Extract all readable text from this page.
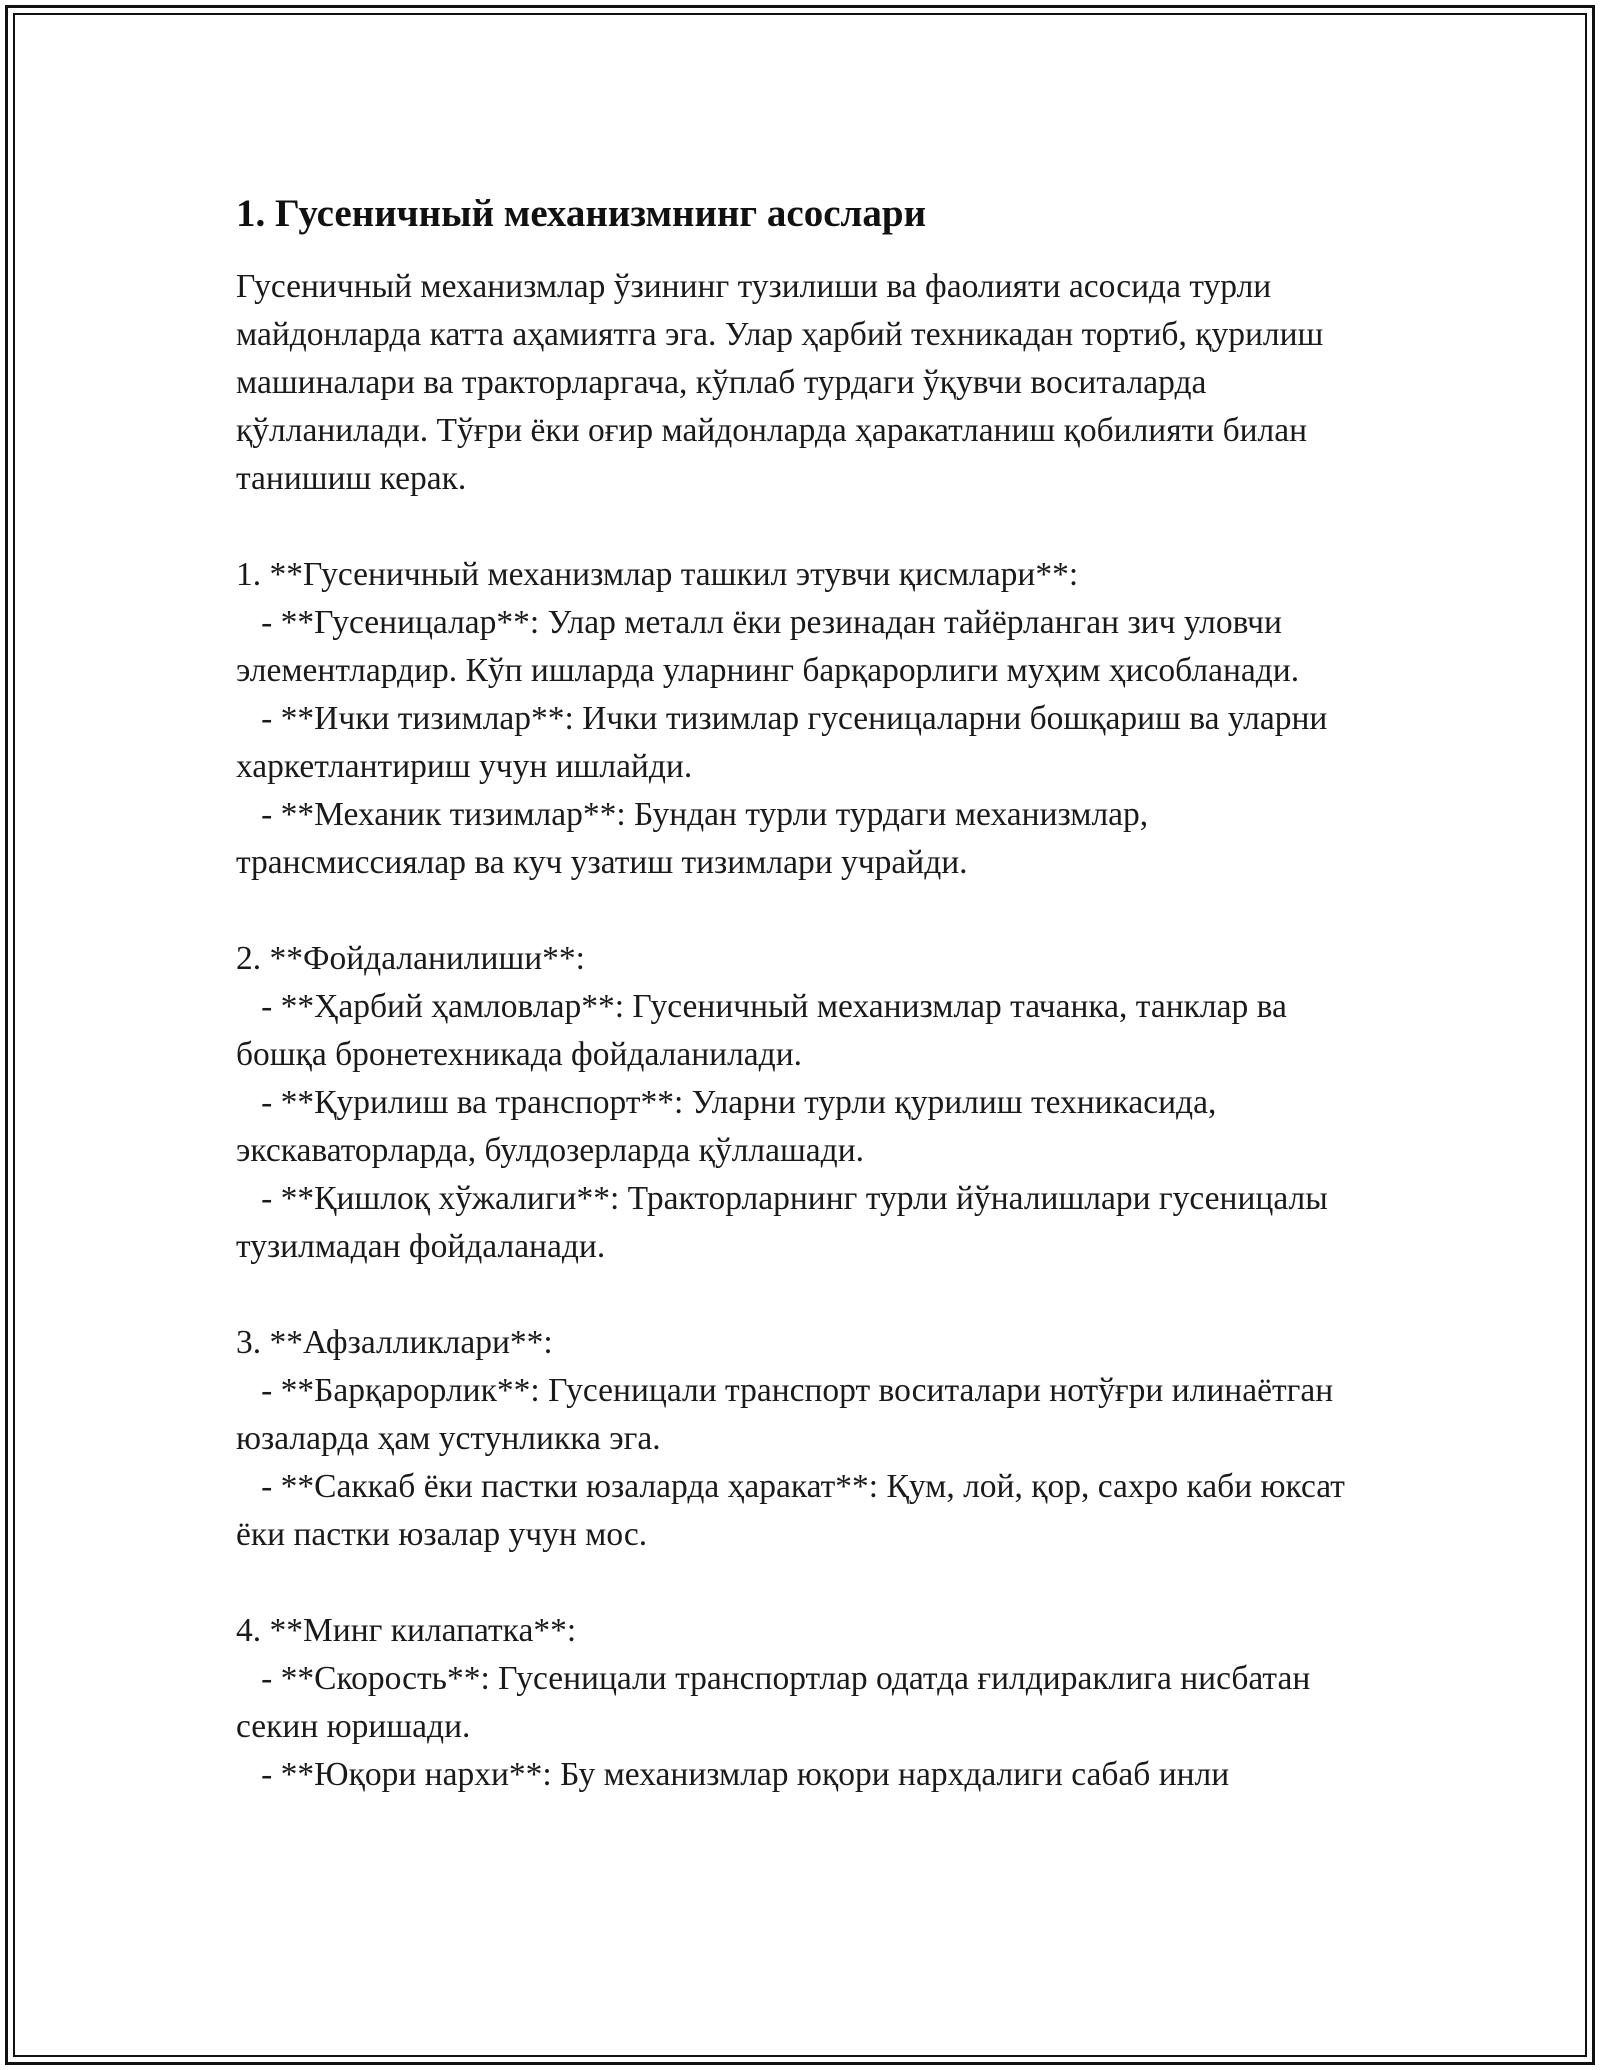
1. Гусеничный механизмнинг асослари

Гусеничный механизмлар ўзининг тузилиши ва фаолияти асосида турли майдонларда катта аҳамиятга эга. Улар ҳарбий техникадан тортиб, қурилиш машиналари ва тракторларгача, кўплаб турдаги ўқувчи воситаларда қўлланилади. Тўғри ёки оғир майдонларда ҳаракатланиш қобилияти билан танишиш керак.

1. **Гусеничный механизмлар ташкил этувчи қисмлари**:
- **Гусеницалар**: Улар металл ёки резинадан тайёрланган зич уловчи элементлардир. Кўп ишларда уларнинг барқарорлиги муҳим ҳисобланади.
- **Ички тизимлар**: Ички тизимлар гусеницаларни бошқариш ва уларни харкетлантириш учун ишлайди.
- **Механик тизимлар**: Бундан турли турдаги механизмлар, трансмиссиялар ва куч узатиш тизимлари учрайди.
2. **Фойдаланилиши**:
- **Ҳарбий ҳамловлар**: Гусеничный механизмлар тачанка, танклар ва бошқа бронетехникада фойдаланилади.
- **Қурилиш ва транспорт**: Уларни турли қурилиш техникасида, экскаваторларда, булдозерларда қўллашади.
- **Қишлоқ хўжалиги**: Тракторларнинг турли йўналишлари гусеницалы тузилмадан фойдаланади.
3. **Афзалликлари**:
- **Барқарорлик**: Гусеницали транспорт воситалари нотўғри илинаётган юзаларда ҳам устунликка эга.
- **Саккаб ёки пастки юзаларда ҳаракат**: Қум, лой, қор, сахро каби юксат ёки пастки юзалар учун мос.
4. **Минг килапатка**:
- **Скорость**: Гусеницали транспортлар одатда ғилдираклига нисбатан секин юришади.
- **Юқори нархи**: Бу механизмлар юқори нархдалиги сабаб инли
